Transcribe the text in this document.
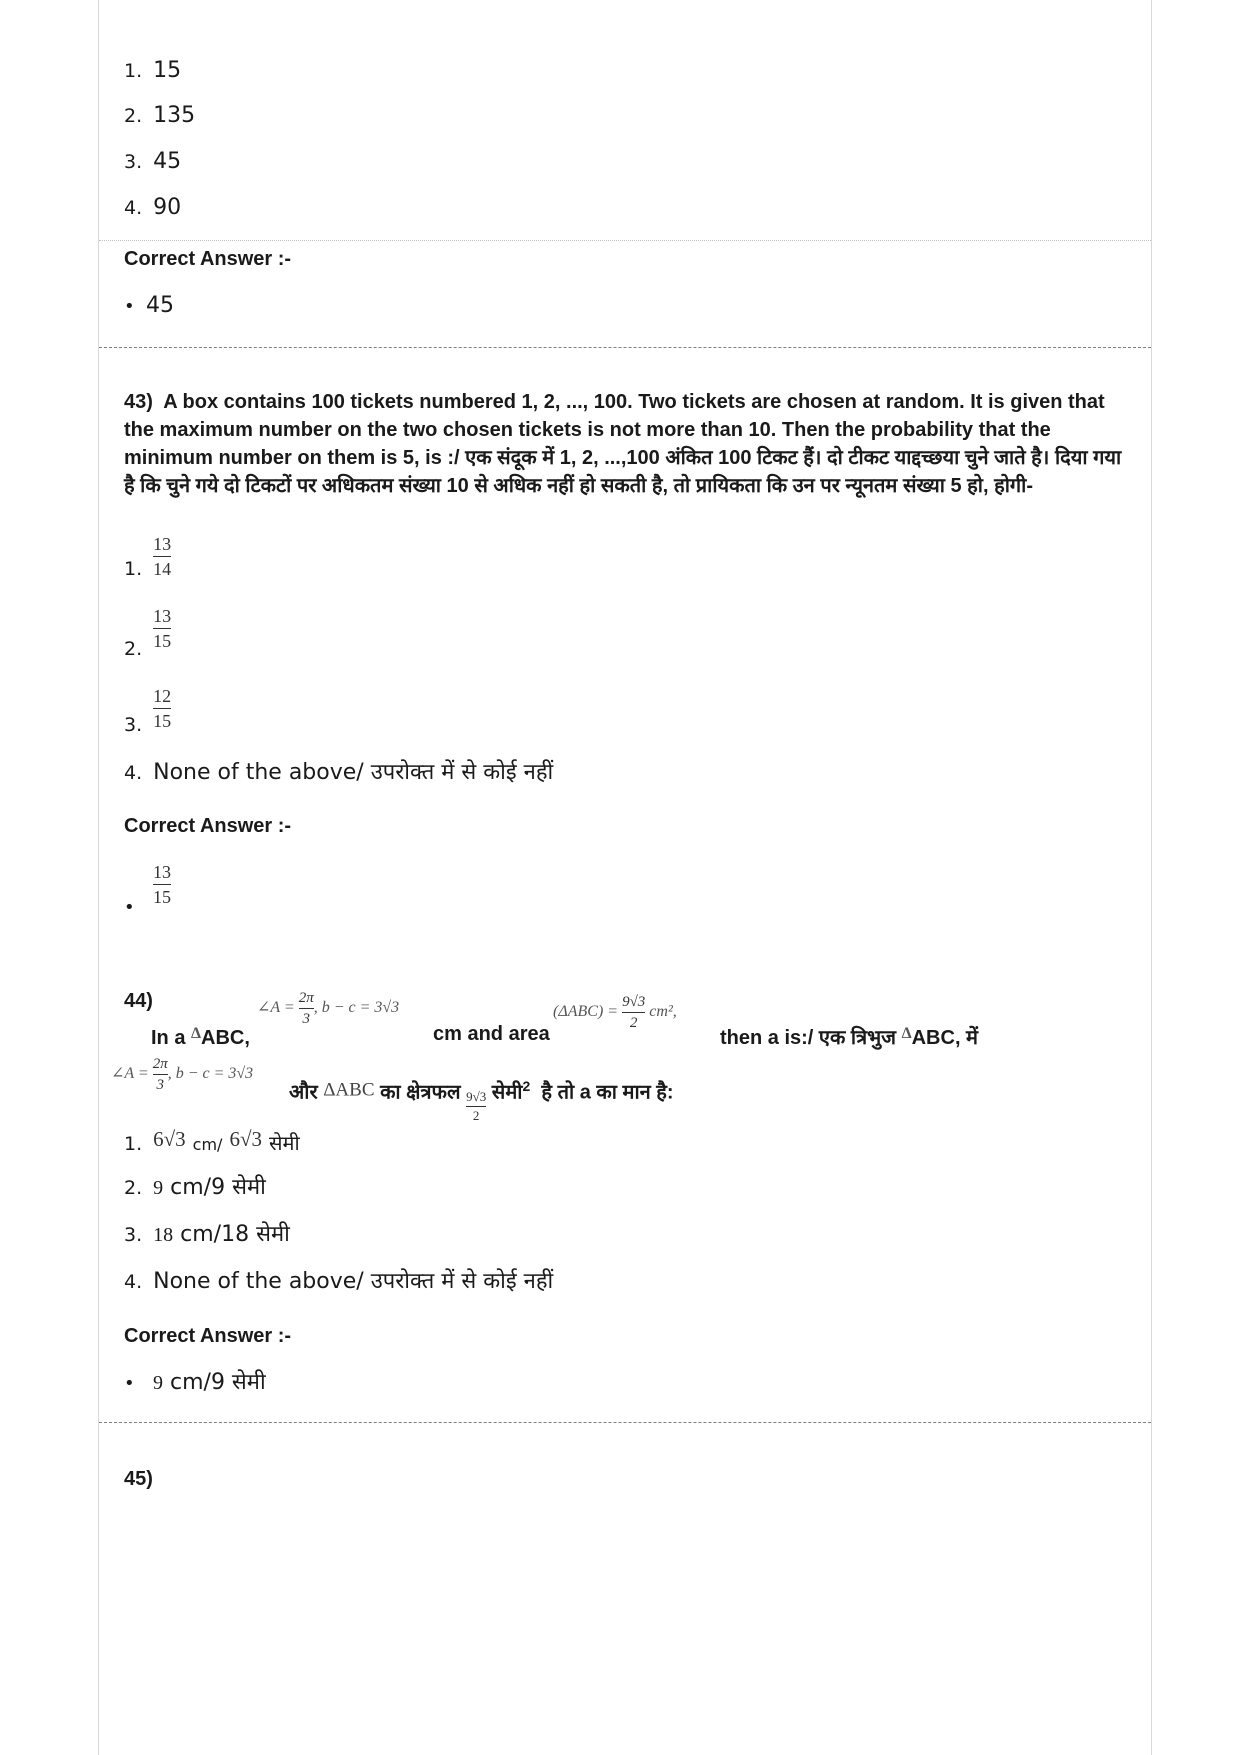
1. 15
2. 135
3. 45
4. 90
Correct Answer :-
• 45
43) A box contains 100 tickets numbered 1, 2, ..., 100. Two tickets are chosen at random. It is given that the maximum number on the two chosen tickets is not more than 10. Then the probability that the minimum number on them is 5, is :/ एक संदूक में 1, 2, ...,100 अंकित 100 टिकट हैं। दो टीकट याद्दच्छया चुने जाते है। दिया गया है कि चुने गये दो टिकटों पर अधिकतम संख्या 10 से अधिक नहीं हो सकती है, तो प्रायिकता कि उन पर न्यूनतम संख्या 5 हो, होगी-
1. $\frac{13}{14}$
2. $\frac{13}{15}$
3. $\frac{12}{15}$
4. None of the above/ उपरोक्त में से कोई नहीं
Correct Answer :-
•
$\frac{13}{15}$
44)
In a $^\Delta$ABC,
∠A = $\frac{2\pi}{3}$ , b − c = 3√3
cm and area
$(\Delta ABC) = \frac{9√3}{2} cm^2$,
then a is:/ एक त्रिभुज $^\Delta$ABC, में
∠A = $\frac{2\pi}{3}$ , b − c = 3√3
और ΔABC का क्षेत्रफल $\frac{9√3}{2}$ सेमी$^2$ है तो a का मान है:
1. 6√3 cm/ 6√3 सेमी
2. 9 cm/9 सेमी
3. 18 cm/18 सेमी
4. None of the above/ उपरोक्त में से कोई नहीं
Correct Answer :-
• 9 cm/9 सेमी
45)
